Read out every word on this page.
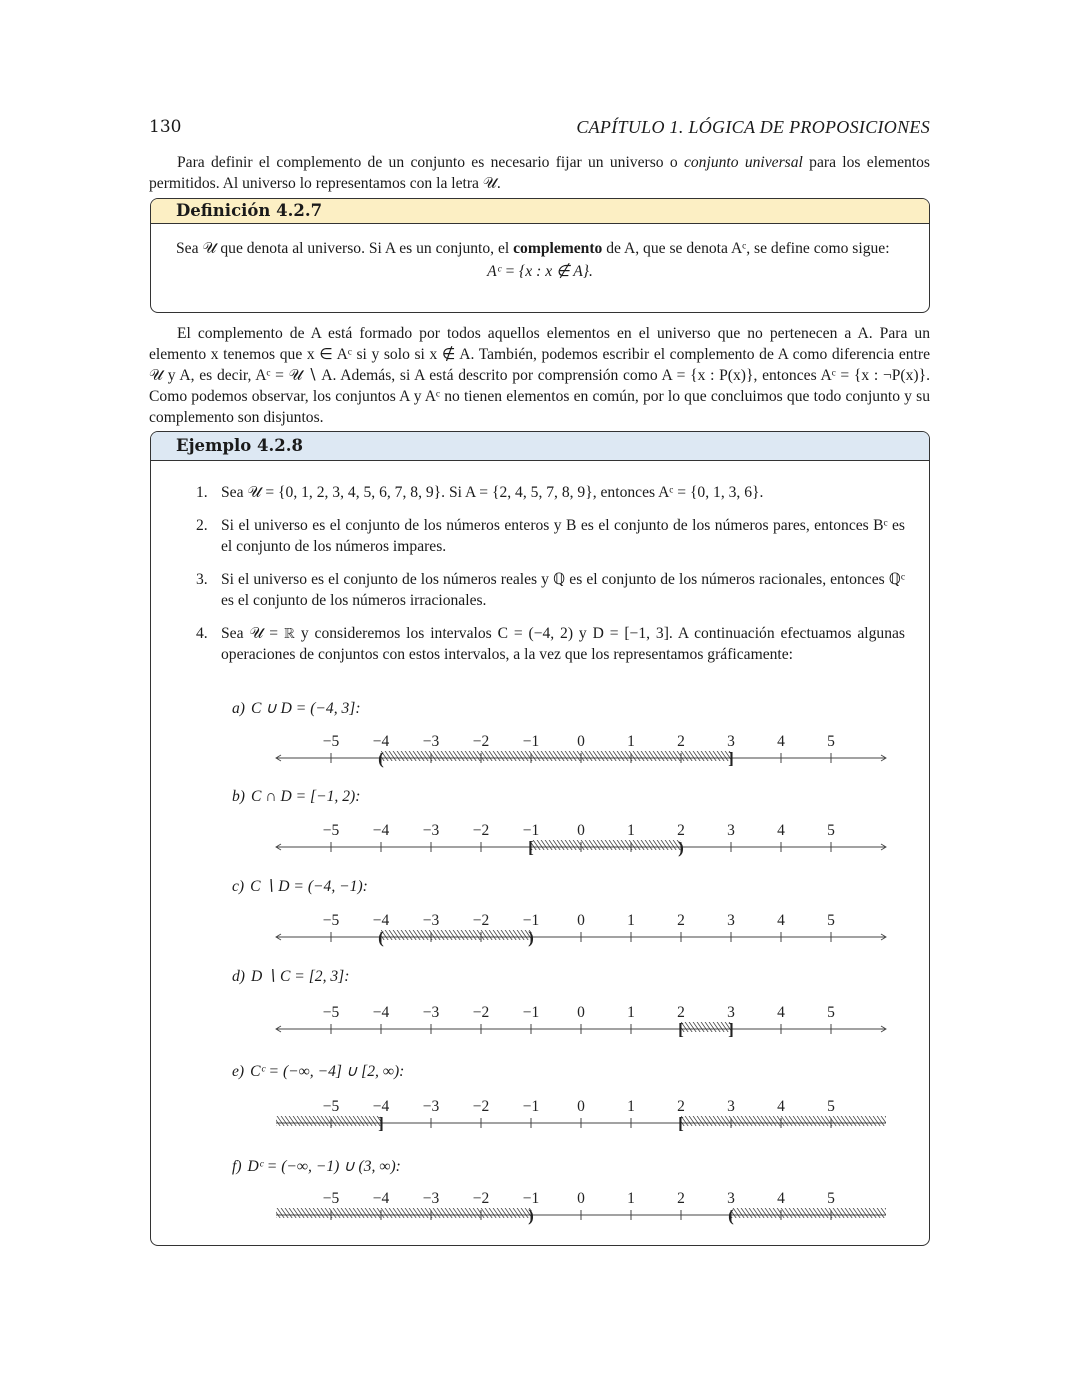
130	CAPÍTULO 1. LÓGICA DE PROPOSICIONES

Para definir el complemento de un conjunto es necesario fijar un universo o conjunto universal para los elementos permitidos. Al universo lo representamos con la letra 𝒰.

Definición 4.2.7
Sea 𝒰 que denota al universo. Si A es un conjunto, el complemento de A, que se denota Aᶜ, se define como sigue:
Aᶜ = {x : x ∉ A}.

El complemento de A está formado por todos aquellos elementos en el universo que no pertenecen a A. Para un elemento x tenemos que x ∈ Aᶜ si y solo si x ∉ A. También, podemos escribir el complemento de A como diferencia entre 𝒰 y A, es decir, Aᶜ = 𝒰 ∖ A. Además, si A está descrito por comprensión como A = {x : P(x)}, entonces Aᶜ = {x : ¬P(x)}. Como podemos observar, los conjuntos A y Aᶜ no tienen elementos en común, por lo que concluimos que todo conjunto y su complemento son disjuntos.

Ejemplo 4.2.8
1. Sea 𝒰 = {0, 1, 2, 3, 4, 5, 6, 7, 8, 9}. Si A = {2, 4, 5, 7, 8, 9}, entonces Aᶜ = {0, 1, 3, 6}.
2. Si el universo es el conjunto de los números enteros y B es el conjunto de los números pares, entonces Bᶜ es el conjunto de los números impares.
3. Si el universo es el conjunto de los números reales y ℚ es el conjunto de los números racionales, entonces ℚᶜ es el conjunto de los números irracionales.
4. Sea 𝒰 = ℝ y consideremos los intervalos C = (−4, 2) y D = [−1, 3]. A continuación efectuamos algunas operaciones de conjuntos con estos intervalos, a la vez que los representamos gráficamente:
a) C ∪ D = (−4, 3]:
b) C ∩ D = [−1, 2):
c) C ∖ D = (−4, −1):
d) D ∖ C = [2, 3]:
e) Cᶜ = (−∞, −4] ∪ [2, ∞):
f) Dᶜ = (−∞, −1) ∪ (3, ∞):
−5 −4 −3 −2 −1 0	1	2	3	4	5
(	]
−5 −4 −3 −2 −1 0	1	2	3	4	5
[	)
−5 −4 −3 −2 −1 0	1	2	3	4	5
(	)
−5 −4 −3 −2 −1 0	1	2	3	4	5
[	]
−5 −4 −3 −2 −1 0	1	2	3	4	5
]	[
−5 −4 −3 −2 −1 0	1	2	3	4	5
)	(
